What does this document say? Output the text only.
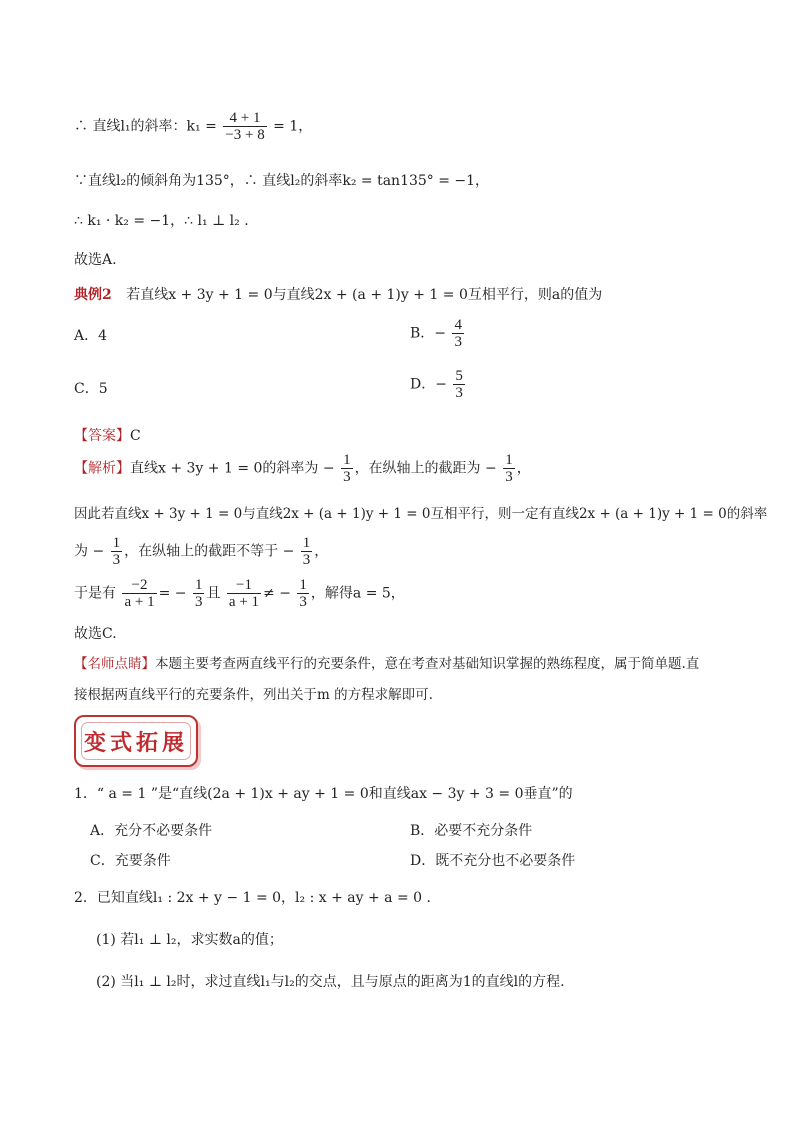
∴ 直线l₁的斜率：$k_1 = \frac{4 + 1}{-3 + 8} = 1$，
∵直线l₂的倾斜角为135°，∴ 直线l₂的斜率k₂ = tan135° = −1，
∴ k₁ · k₂ = −1，∴ l₁ ⊥ l₂ .
故选A.
典例2 若直线x + 3y + 1 = 0与直线2x + (a + 1)y + 1 = 0互相平行，则a的值为
A．4	B．− $\frac{4}{3}$
C．5	D．− $\frac{5}{3}$
【答案】C
【解析】直线x + 3y + 1 = 0的斜率为 − $\frac{1}{3}$ ，在纵轴上的截距为 − $\frac{1}{3}$ ，
因此若直线x + 3y + 1 = 0与直线2x + (a + 1)y + 1 = 0互相平行，则一定有直线2x + (a + 1)y + 1 = 0的斜率
为 − $\frac{1}{3}$ ，在纵轴上的截距不等于 − $\frac{1}{3}$ ，
于是有 $\frac{-2}{a + 1}$ = − $\frac{1}{3}$ 且 $\frac{-1}{a + 1}$ ≠ − $\frac{1}{3}$ ，解得a = 5，
故选C.
【名师点睛】本题主要考查两直线平行的充要条件，意在考查对基础知识掌握的熟练程度，属于简单题.直
接根据两直线平行的充要条件，列出关于m 的方程求解即可.
变式拓展
1．“ a = 1 ”是“直线(2a + 1)x + ay + 1 = 0和直线ax − 3y + 3 = 0垂直”的
A．充分不必要条件	B．必要不充分条件
C．充要条件	D．既不充分也不必要条件
2．已知直线l₁ : 2x + y − 1 = 0，l₂ : x + ay + a = 0 .
(1) 若l₁ ⊥ l₂，求实数a的值；
(2) 当l₁ ⊥ l₂时，求过直线l₁与l₂的交点，且与原点的距离为1的直线l的方程.
